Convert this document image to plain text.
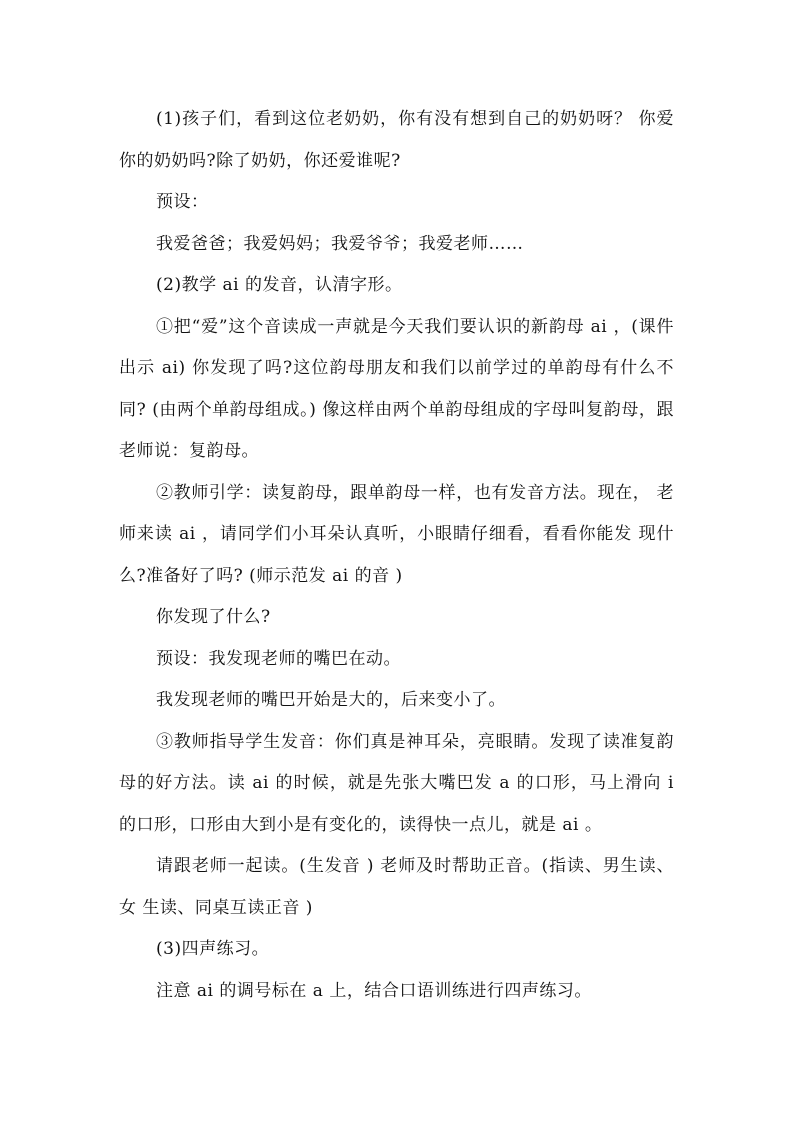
(1)孩子们，看到这位老奶奶，你有没有想到自己的奶奶呀？ 你爱你的奶奶吗?除了奶奶，你还爱谁呢?

预设：

我爱爸爸；我爱妈妈；我爱爷爷；我爱老师……

(2)教学 ai 的发音，认清字形。

①把“爱”这个音读成一声就是今天我们要认识的新韵母 ai ，(课件出示 ai) 你发现了吗?这位韵母朋友和我们以前学过的单韵母有什么不同? (由两个单韵母组成。) 像这样由两个单韵母组成的字母叫复韵母，跟老师说：复韵母。

②教师引学：读复韵母，跟单韵母一样，也有发音方法。现在， 老师来读 ai ，请同学们小耳朵认真听，小眼睛仔细看，看看你能发 现什么?准备好了吗? (师示范发 ai 的音 )

你发现了什么?

预设：我发现老师的嘴巴在动。

我发现老师的嘴巴开始是大的，后来变小了。

③教师指导学生发音：你们真是神耳朵，亮眼睛。发现了读准复韵母的好方法。读 ai 的时候，就是先张大嘴巴发 a 的口形，马上滑向 i 的口形，口形由大到小是有变化的，读得快一点儿，就是 ai 。

请跟老师一起读。(生发音 ) 老师及时帮助正音。(指读、男生读、女 生读、同桌互读正音 )

(3)四声练习。

注意 ai 的调号标在 a 上，结合口语训练进行四声练习。
